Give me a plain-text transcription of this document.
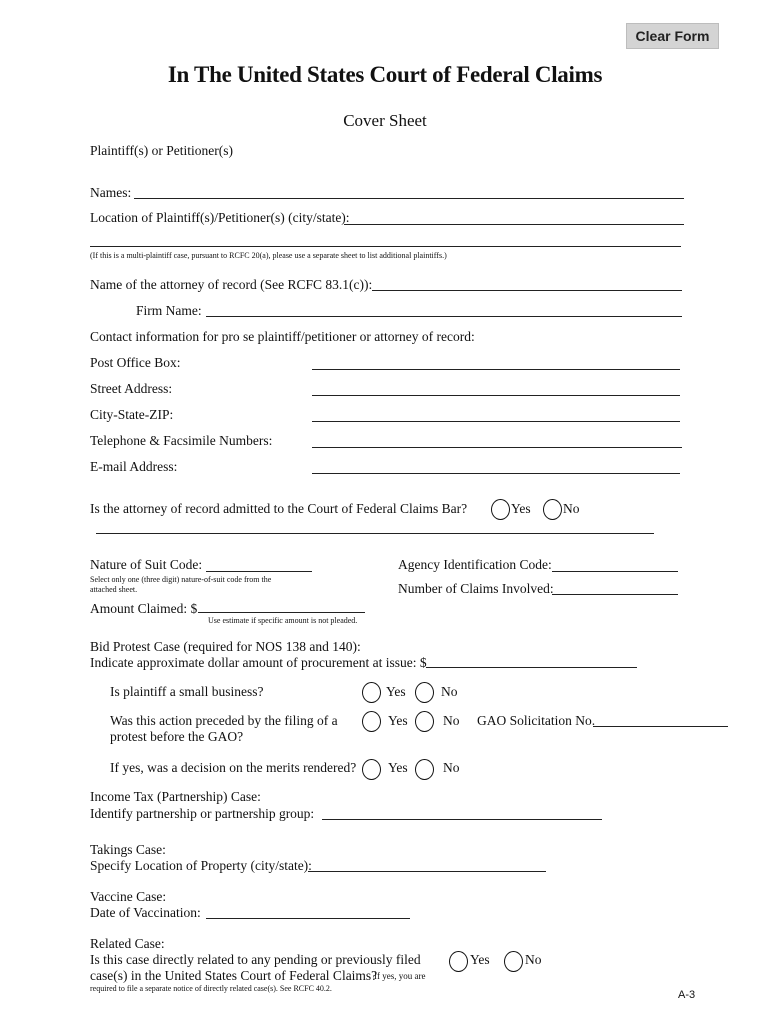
Clear Form
In The United States Court of Federal Claims
Cover Sheet
Plaintiff(s) or Petitioner(s)
Names:
Location of Plaintiff(s)/Petitioner(s) (city/state):
(If this is a multi-plaintiff case, pursuant to RCFC 20(a), please use a separate sheet to list additional plaintiffs.)
Name of the attorney of record (See RCFC 83.1(c)):
Firm Name:
Contact information for pro se plaintiff/petitioner or attorney of record:
Post Office Box:
Street Address:
City-State-ZIP:
Telephone & Facsimile Numbers:
E-mail Address:
Is the attorney of record admitted to the Court of Federal Claims Bar?	Yes No
Nature of Suit Code:
Select only one (three digit) nature-of-suit code from the
attached sheet.
Agency Identification Code:
Number of Claims Involved:
Amount Claimed: $
Use estimate if specific amount is not pleaded.
Bid Protest Case (required for NOS 138 and 140):
Indicate approximate dollar amount of procurement at issue: $
Is plaintiff a small business?	Yes	No
Was this action preceded by the filing of a
protest before the GAO?
Yes	No GAO Solicitation No.
If yes, was a decision on the merits rendered? Yes	No
Income Tax (Partnership) Case:
Identify partnership or partnership group:
Takings Case:
Specify Location of Property (city/state):
Vaccine Case:
Date of Vaccination:
Related Case:
Is this case directly related to any pending or previously filed
case(s) in the United States Court of Federal Claims?
If yes, you are
required to file a separate notice of directly related case(s). See RCFC 40.2.
Yes	No
A-3
